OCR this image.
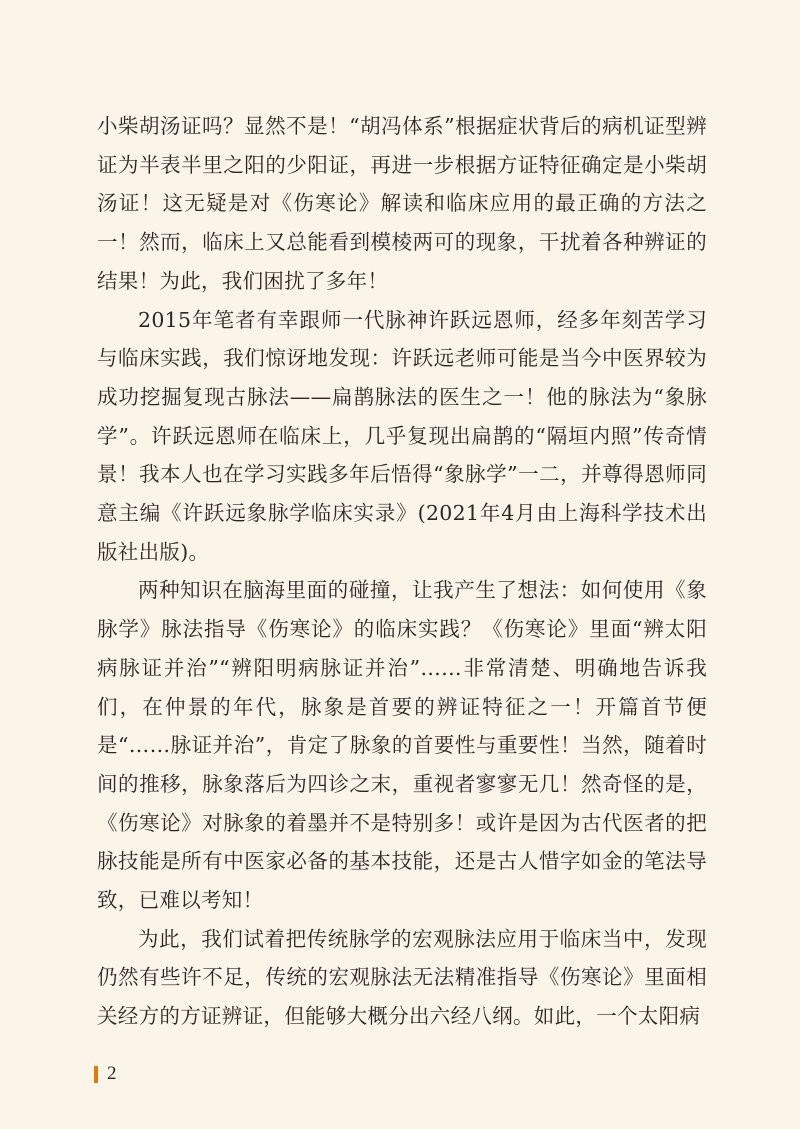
小柴胡汤证吗？显然不是！“胡冯体系”根据症状背后的病机证型辨证为半表半里之阳的少阳证，再进一步根据方证特征确定是小柴胡汤证！这无疑是对《伤寒论》解读和临床应用的最正确的方法之一！然而，临床上又总能看到模棱两可的现象，干扰着各种辨证的结果！为此，我们困扰了多年！

2015年笔者有幸跟师一代脉神许跃远恩师，经多年刻苦学习与临床实践，我们惊讶地发现：许跃远老师可能是当今中医界较为成功挖掘复现古脉法——扁鹊脉法的医生之一！他的脉法为“象脉学”。许跃远恩师在临床上，几乎复现出扁鹊的“隔垣内照”传奇情景！我本人也在学习实践多年后悟得“象脉学”一二，并尊得恩师同意主编《许跃远象脉学临床实录》(2021年4月由上海科学技术出版社出版)。

两种知识在脑海里面的碰撞，让我产生了想法：如何使用《象脉学》脉法指导《伤寒论》的临床实践？《伤寒论》里面“辨太阳病脉证并治”“辨阳明病脉证并治”……非常清楚、明确地告诉我们，在仲景的年代，脉象是首要的辨证特征之一！开篇首节便是“……脉证并治”，肯定了脉象的首要性与重要性！当然，随着时间的推移，脉象落后为四诊之末，重视者寥寥无几！然奇怪的是，《伤寒论》对脉象的着墨并不是特别多！或许是因为古代医者的把脉技能是所有中医家必备的基本技能，还是古人惜字如金的笔法导致，已难以考知！

为此，我们试着把传统脉学的宏观脉法应用于临床当中，发现仍然有些许不足，传统的宏观脉法无法精准指导《伤寒论》里面相关经方的方证辨证，但能够大概分出六经八纲。如此，一个太阳病

2
